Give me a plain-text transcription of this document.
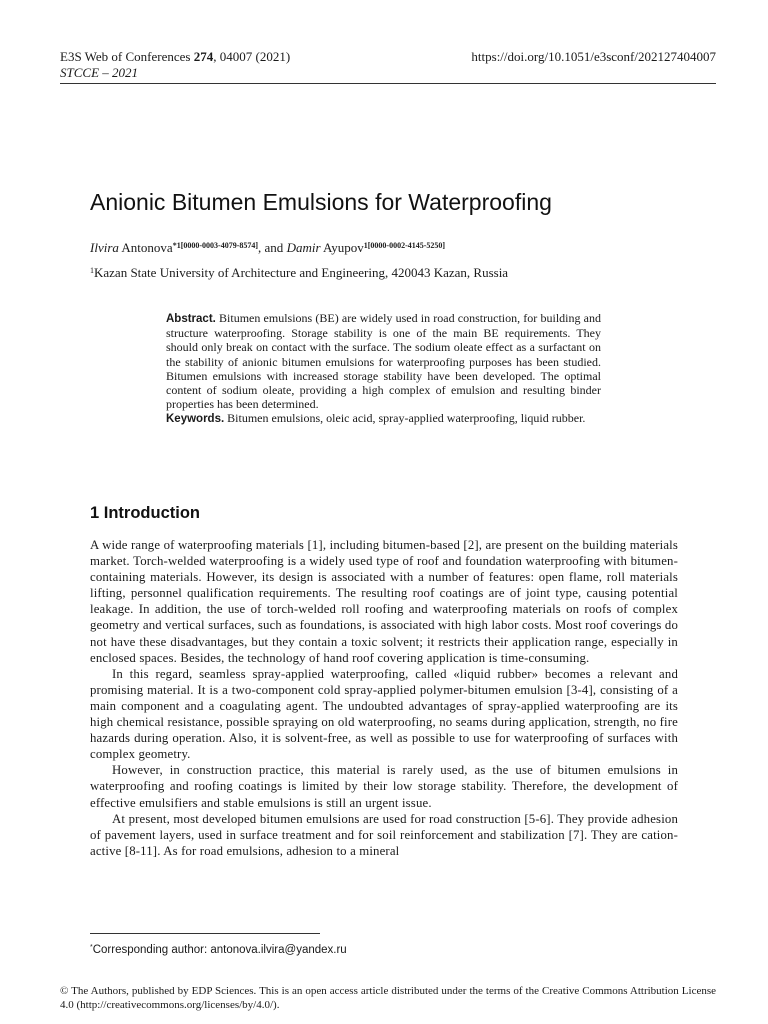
E3S Web of Conferences 274, 04007 (2021)
STCCE – 2021
https://doi.org/10.1051/e3sconf/202127404007
Anionic Bitumen Emulsions for Waterproofing
Ilvira Antonova$^{*1[0000-0003-4079-8574]}$, and Damir Ayupov$^{1[0000-0002-4145-5250]}$
$^1$Kazan State University of Architecture and Engineering, 420043 Kazan, Russia

Abstract. Bitumen emulsions (BE) are widely used in road construction, for building and structure waterproofing. Storage stability is one of the main BE requirements. They should only break on contact with the surface. The sodium oleate effect as a surfactant on the stability of anionic bitumen emulsions for waterproofing purposes has been studied. Bitumen emulsions with increased storage stability have been developed. The optimal content of sodium oleate, providing a high complex of emulsion and resulting binder properties has been determined.

Keywords. Bitumen emulsions, oleic acid, spray-applied waterproofing, liquid rubber.

1 Introduction

A wide range of waterproofing materials [1], including bitumen-based [2], are present on the building materials market. Torch-welded waterproofing is a widely used type of roof and foundation waterproofing with bitumen-containing materials. However, its design is associated with a number of features: open flame, roll materials lifting, personnel qualification requirements. The resulting roof coatings are of joint type, causing potential leakage. In addition, the use of torch-welded roll roofing and waterproofing materials on roofs of complex geometry and vertical surfaces, such as foundations, is associated with high labor costs. Most roof coverings do not have these disadvantages, but they contain a toxic solvent; it restricts their application range, especially in enclosed spaces. Besides, the technology of hand roof covering application is time-consuming.

In this regard, seamless spray-applied waterproofing, called «liquid rubber» becomes a relevant and promising material. It is a two-component cold spray-applied polymer-bitumen emulsion [3-4], consisting of a main component and a coagulating agent. The undoubted advantages of spray-applied waterproofing are its high chemical resistance, possible spraying on old waterproofing, no seams during application, strength, no fire hazards during operation. Also, it is solvent-free, as well as possible to use for waterproofing of surfaces with complex geometry.

However, in construction practice, this material is rarely used, as the use of bitumen emulsions in waterproofing and roofing coatings is limited by their low storage stability. Therefore, the development of effective emulsifiers and stable emulsions is still an urgent issue.

At present, most developed bitumen emulsions are used for road construction [5-6]. They provide adhesion of pavement layers, used in surface treatment and for soil reinforcement and stabilization [7]. They are cation-active [8-11]. As for road emulsions, adhesion to a mineral

*Corresponding author: antonova.ilvira@yandex.ru
© The Authors, published by EDP Sciences. This is an open access article distributed under the terms of the Creative Commons Attribution License 4.0 (http://creativecommons.org/licenses/by/4.0/).
